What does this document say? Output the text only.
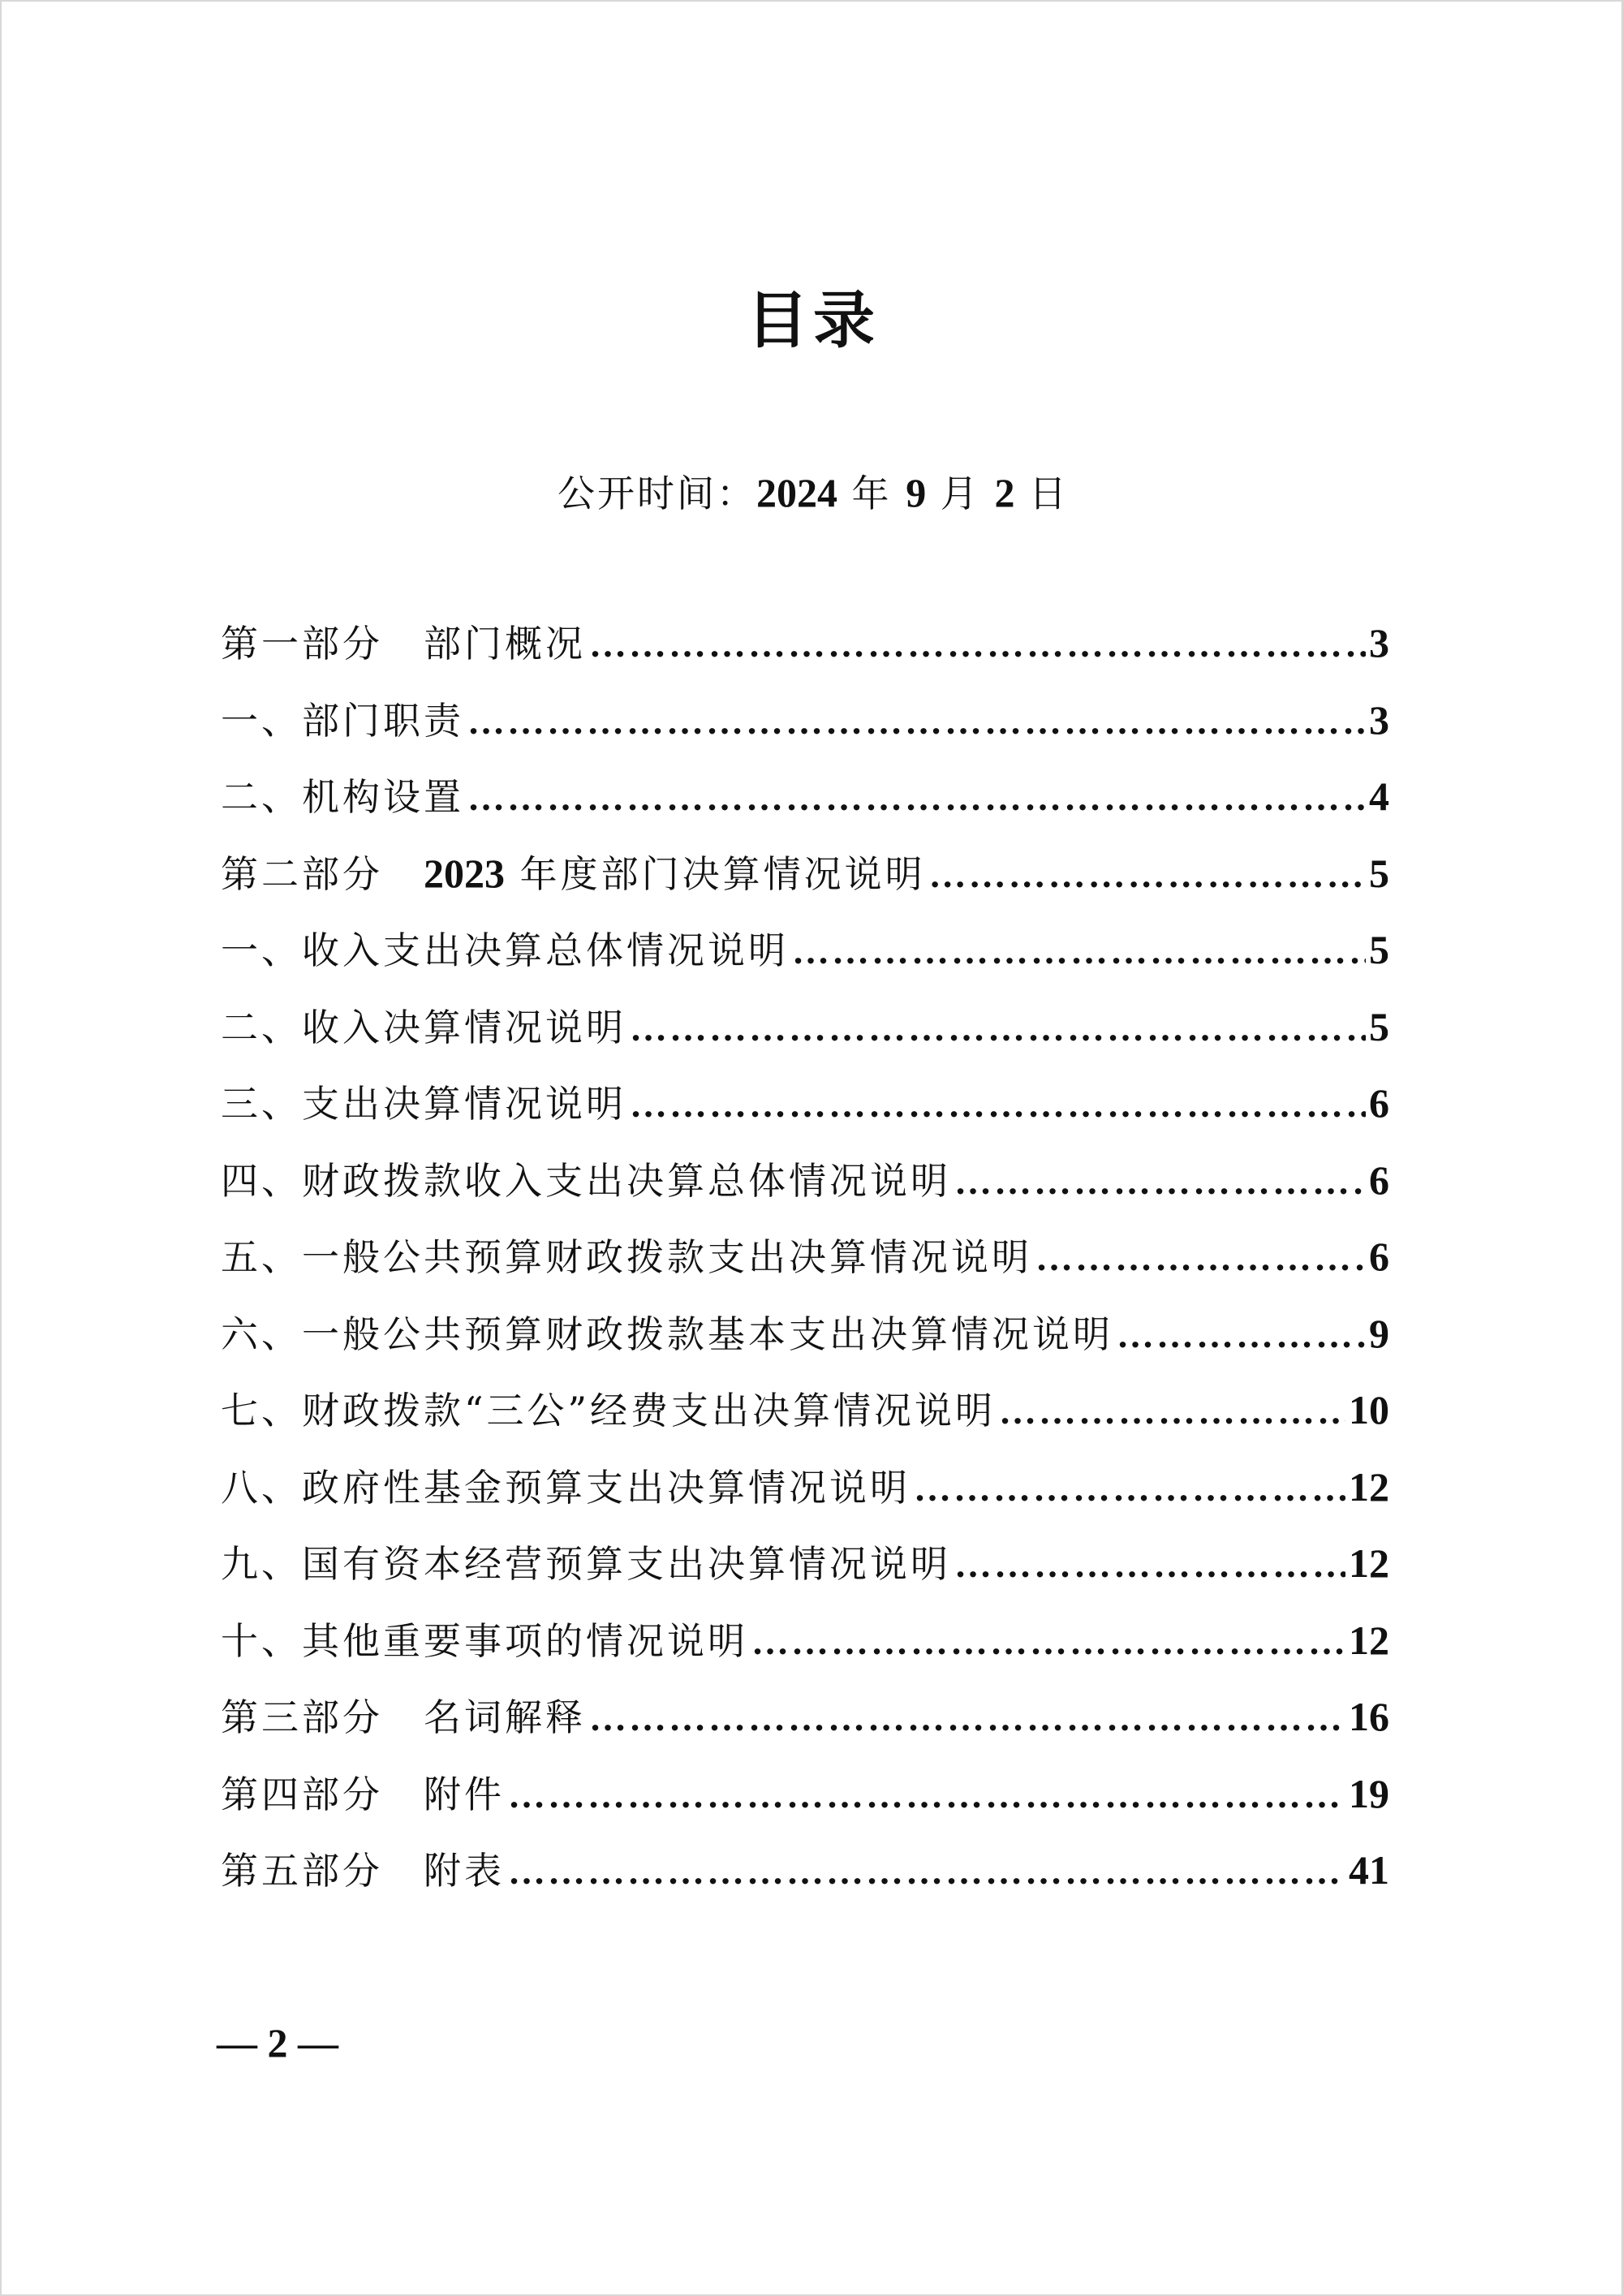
目录
公开时间：2024 年 9 月 2 日
第一部分　部门概况 ……………………………………………………………………………………………………………………………………………………………………	3
一、部门职责 ……………………………………………………………………………………………………………………………………………………………………	3
二、机构设置 ……………………………………………………………………………………………………………………………………………………………………	4
第二部分　2023 年度部门决算情况说明 ……………………………………………………………………………………………………………………………………………………………………	5
一、收入支出决算总体情况说明 ……………………………………………………………………………………………………………………………………………………………………	5
二、收入决算情况说明 ……………………………………………………………………………………………………………………………………………………………………	5
三、支出决算情况说明 ……………………………………………………………………………………………………………………………………………………………………	6
四、财政拨款收入支出决算总体情况说明 ……………………………………………………………………………………………………………………………………………………………………	6
五、一般公共预算财政拨款支出决算情况说明 ……………………………………………………………………………………………………………………………………………………………………	6
六、一般公共预算财政拨款基本支出决算情况说明 ……………………………………………………………………………………………………………………………………………………………………	9
七、财政拨款“三公”经费支出决算情况说明 ……………………………………………………………………………………………………………………………………………………………………	10
八、政府性基金预算支出决算情况说明 ……………………………………………………………………………………………………………………………………………………………………	12
九、国有资本经营预算支出决算情况说明 ……………………………………………………………………………………………………………………………………………………………………	12
十、其他重要事项的情况说明 ……………………………………………………………………………………………………………………………………………………………………	12
第三部分　名词解释 ……………………………………………………………………………………………………………………………………………………………………	16
第四部分　附件 ……………………………………………………………………………………………………………………………………………………………………	19
第五部分　附表 ……………………………………………………………………………………………………………………………………………………………………	41
— 2 —
